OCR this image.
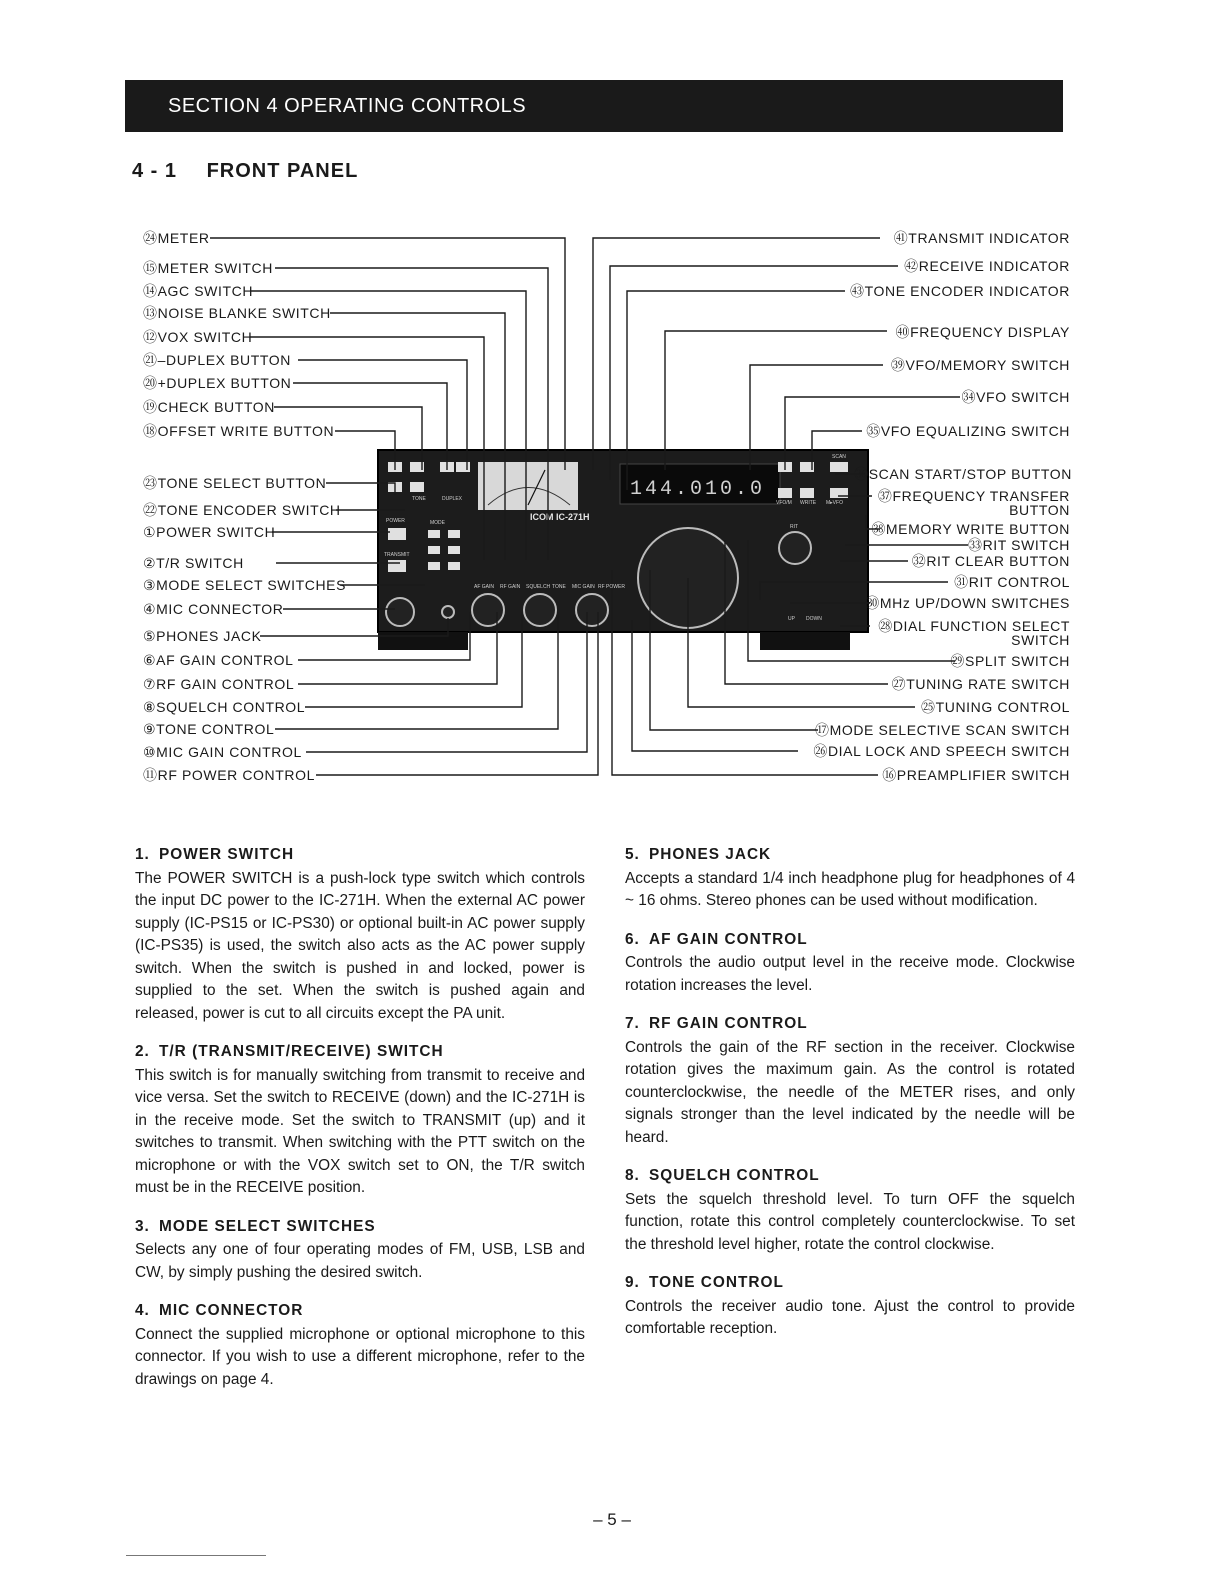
SECTION 4 OPERATING CONTROLS
4 - 1 FRONT PANEL
144.010.0
ICOM IC-271H
㉔METER
⑮METER SWITCH
⑭AGC SWITCH
⑬NOISE BLANKE SWITCH
⑫VOX SWITCH
㉑–DUPLEX BUTTON
⑳+DUPLEX BUTTON
⑲CHECK BUTTON
⑱OFFSET WRITE BUTTON
㉓TONE SELECT BUTTON
㉒TONE ENCODER SWITCH
①POWER SWITCH
②T/R SWITCH
③MODE SELECT SWITCHES
④MIC CONNECTOR
⑤PHONES JACK
⑥AF GAIN CONTROL
⑦RF GAIN CONTROL
⑧SQUELCH CONTROL
⑨TONE CONTROL
⑩MIC GAIN CONTROL
⑪RF POWER CONTROL
㊶TRANSMIT INDICATOR
㊷RECEIVE INDICATOR
㊸TONE ENCODER INDICATOR
㊵FREQUENCY DISPLAY
㊴VFO/MEMORY SWITCH
㉞VFO SWITCH
㉟VFO EQUALIZING SWITCH
㊱SCAN START/STOP BUTTON
㊲FREQUENCY TRANSFER
BUTTON
㊳MEMORY WRITE BUTTON
㉝RIT SWITCH
㉜RIT CLEAR BUTTON
㉛RIT CONTROL
㉚MHz UP/DOWN SWITCHES
㉘DIAL FUNCTION SELECT
SWITCH
㉙SPLIT SWITCH
㉗TUNING RATE SWITCH
㉕TUNING CONTROL
⑰MODE SELECTIVE SCAN SWITCH
㉖DIAL LOCK AND SPEECH SWITCH
⑯PREAMPLIFIER SWITCH
POWER
TRANSMIT
MODE
TONE	DUPLEX
SCAN
VFO/M WRITE M▸VFO
RIT
UP DOWN
AF GAIN RF GAIN SQUELCH TONE MIC GAIN RF POWER
1. POWER SWITCH
The POWER SWITCH is a push-lock type switch which controls the input DC power to the IC-271H. When the external AC power supply (IC-PS15 or IC-PS30) or optional built-in AC power supply (IC-PS35) is used, the switch also acts as the AC power supply switch. When the switch is pushed in and locked, power is supplied to the set. When the switch is pushed again and released, power is cut to all circuits except the PA unit.
2. T/R (TRANSMIT/RECEIVE) SWITCH
This switch is for manually switching from transmit to receive and vice versa. Set the switch to RECEIVE (down) and the IC-271H is in the receive mode. Set the switch to TRANSMIT (up) and it switches to transmit. When switching with the PTT switch on the microphone or with the VOX switch set to ON, the T/R switch must be in the RECEIVE position.
3. MODE SELECT SWITCHES
Selects any one of four operating modes of FM, USB, LSB and CW, by simply pushing the desired switch.
4. MIC CONNECTOR
Connect the supplied microphone or optional microphone to this connector. If you wish to use a different microphone, refer to the drawings on page 4.
5. PHONES JACK
Accepts a standard 1/4 inch headphone plug for headphones of 4 ~ 16 ohms. Stereo phones can be used without modification.
6. AF GAIN CONTROL
Controls the audio output level in the receive mode. Clockwise rotation increases the level.
7. RF GAIN CONTROL
Controls the gain of the RF section in the receiver. Clockwise rotation gives the maximum gain. As the control is rotated counterclockwise, the needle of the METER rises, and only signals stronger than the level indicated by the needle will be heard.
8. SQUELCH CONTROL
Sets the squelch threshold level. To turn OFF the squelch function, rotate this control completely counterclockwise. To set the threshold level higher, rotate the control clockwise.
9. TONE CONTROL
Controls the receiver audio tone. Ajust the control to provide comfortable reception.
– 5 –
